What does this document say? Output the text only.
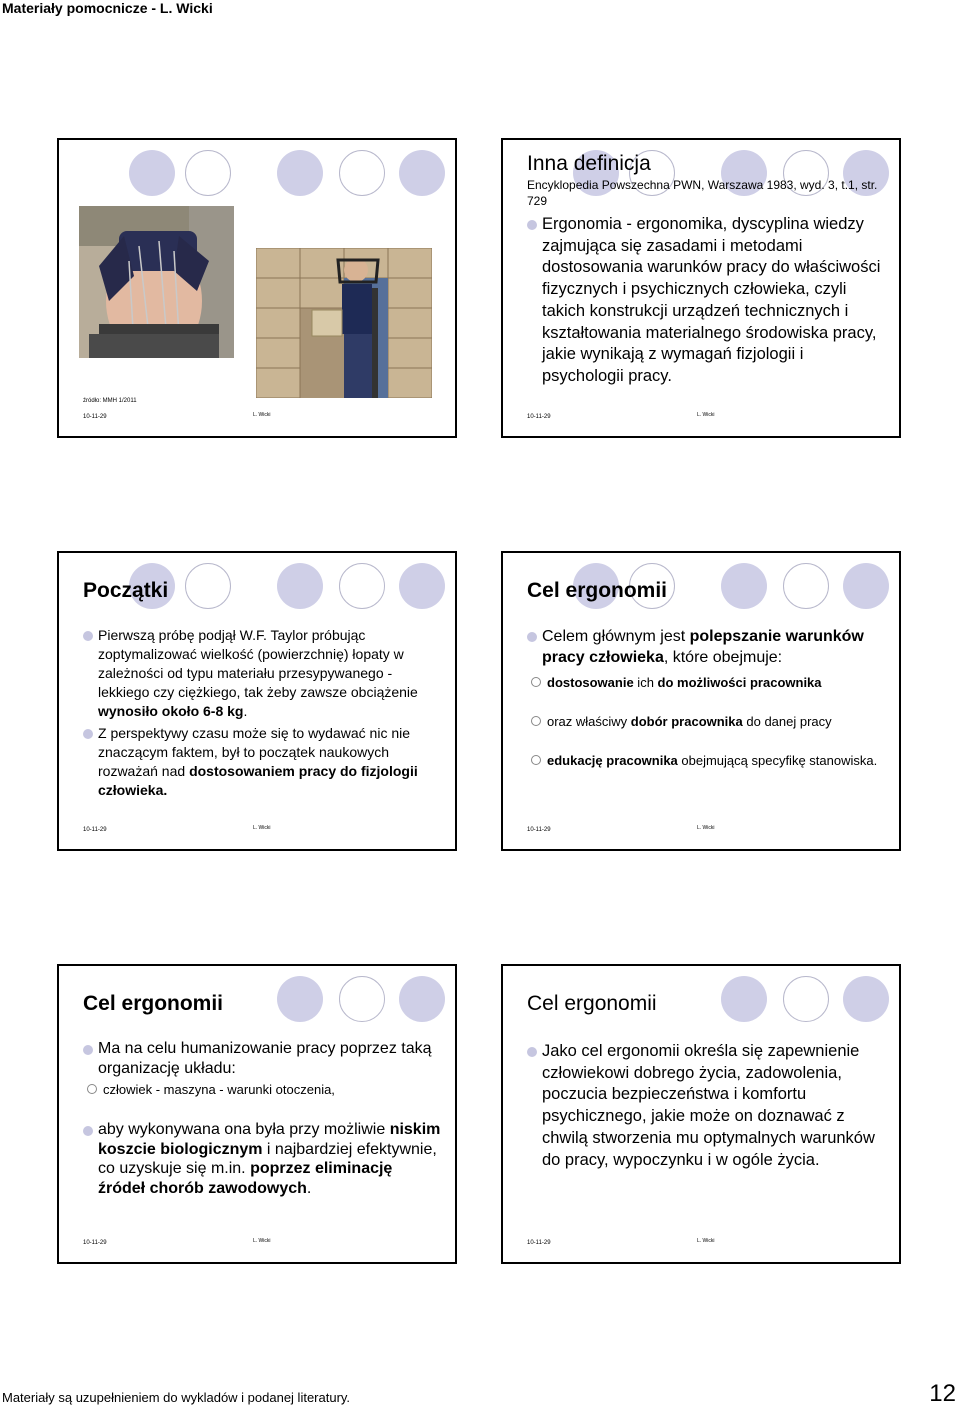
Materiały pomocnicze - L. Wicki
źródło: MMH 1/2011
10-11-29	L. Wicki
Inna definicja
Encyklopedia Powszechna PWN, Warszawa 1983, wyd. 3, t.1, str. 729
Ergonomia - ergonomika, dyscyplina wiedzy zajmująca się zasadami i metodami dostosowania warunków pracy do właściwości fizycznych i psychicznych człowieka, czyli takich konstrukcji urządzeń technicznych i kształtowania materialnego środowiska pracy, jakie wynikają z wymagań fizjologii i psychologii pracy.
10-11-29	L. Wicki
Początki
Pierwszą próbę podjął W.F. Taylor próbując zoptymalizować wielkość (powierzchnię) łopaty w zależności od typu materiału przesypywanego - lekkiego czy ciężkiego, tak żeby zawsze obciążenie wynosiło około 6-8 kg.
Z perspektywy czasu może się to wydawać nic nie znaczącym faktem, był to początek naukowych rozważań nad dostosowaniem pracy do fizjologii człowieka.
10-11-29	L. Wicki
Cel ergonomii
Celem głównym jest polepszanie warunków pracy człowieka, które obejmuje:
dostosowanie ich do możliwości pracownika
oraz właściwy dobór pracownika do danej pracy
edukację pracownika obejmującą specyfikę stanowiska.
10-11-29	L. Wicki
Cel ergonomii
Ma na celu humanizowanie pracy poprzez taką organizację układu:
człowiek - maszyna - warunki otoczenia,
aby wykonywana ona była przy możliwie niskim koszcie biologicznym i najbardziej efektywnie, co uzyskuje się m.in. poprzez eliminację źródeł chorób zawodowych.
10-11-29	L. Wicki
Cel ergonomii
Jako cel ergonomii określa się zapewnienie człowiekowi dobrego życia, zadowolenia, poczucia bezpieczeństwa i komfortu psychicznego, jakie może on doznawać z chwilą stworzenia mu optymalnych warunków do pracy, wypoczynku i w ogóle życia.
10-11-29	L. Wicki
Materiały są uzupełnieniem do wykladów i podanej literatury.	12
